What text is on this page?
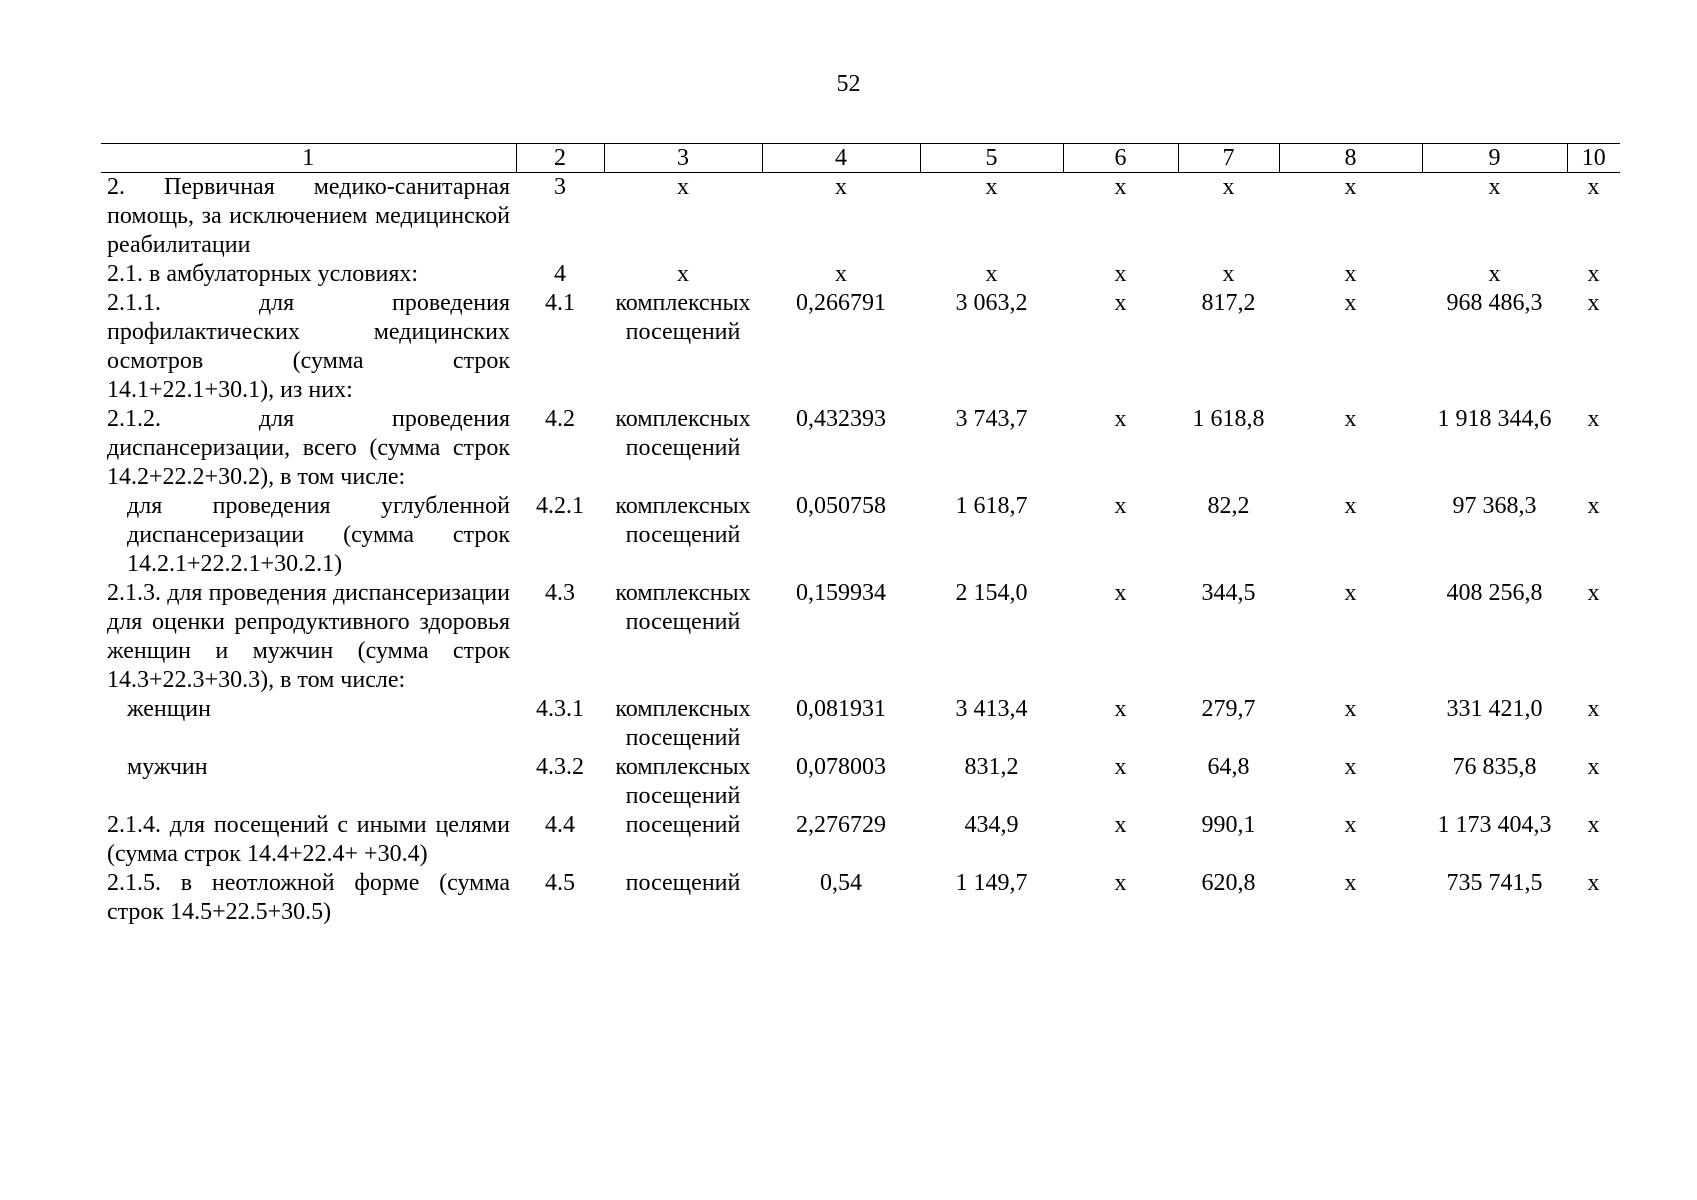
52
1	2	3	4	5	6	7	8	9	10
2. Первичная медико-санитарная помощь, за исключением медицинской реабилитации	3	х	х	х	х	х	х	х	х
2.1. в амбулаторных условиях:	4	х	х	х	х	х	х	х	х
2.1.1. для проведения профилактических медицинских осмотров (сумма строк 14.1+22.1+30.1), из них:	4.1	комплексных посещений	0,266791	3 063,2	х	817,2	х	968 486,3	х
2.1.2. для проведения диспансеризации, всего (сумма строк 14.2+22.2+30.2), в том числе:	4.2	комплексных посещений	0,432393	3 743,7	х	1 618,8	х	1 918 344,6	х
для проведения углубленной диспансеризации (сумма строк 14.2.1+22.2.1+30.2.1)	4.2.1	комплексных посещений	0,050758	1 618,7	х	82,2	х	97 368,3	х
2.1.3. для проведения диспансеризации для оценки репродуктивного здоровья женщин и мужчин (сумма строк 14.3+22.3+30.3), в том числе:	4.3	комплексных посещений	0,159934	2 154,0	х	344,5	х	408 256,8	х
женщин	4.3.1	комплексных посещений	0,081931	3 413,4	х	279,7	х	331 421,0	х
мужчин	4.3.2	комплексных посещений	0,078003	831,2	х	64,8	х	76 835,8	х
2.1.4. для посещений с иными целями (сумма строк 14.4+22.4+ +30.4)	4.4	посещений	2,276729	434,9	х	990,1	х	1 173 404,3	х
2.1.5. в неотложной форме (сумма строк 14.5+22.5+30.5)	4.5	посещений	0,54	1 149,7	х	620,8	х	735 741,5	х
